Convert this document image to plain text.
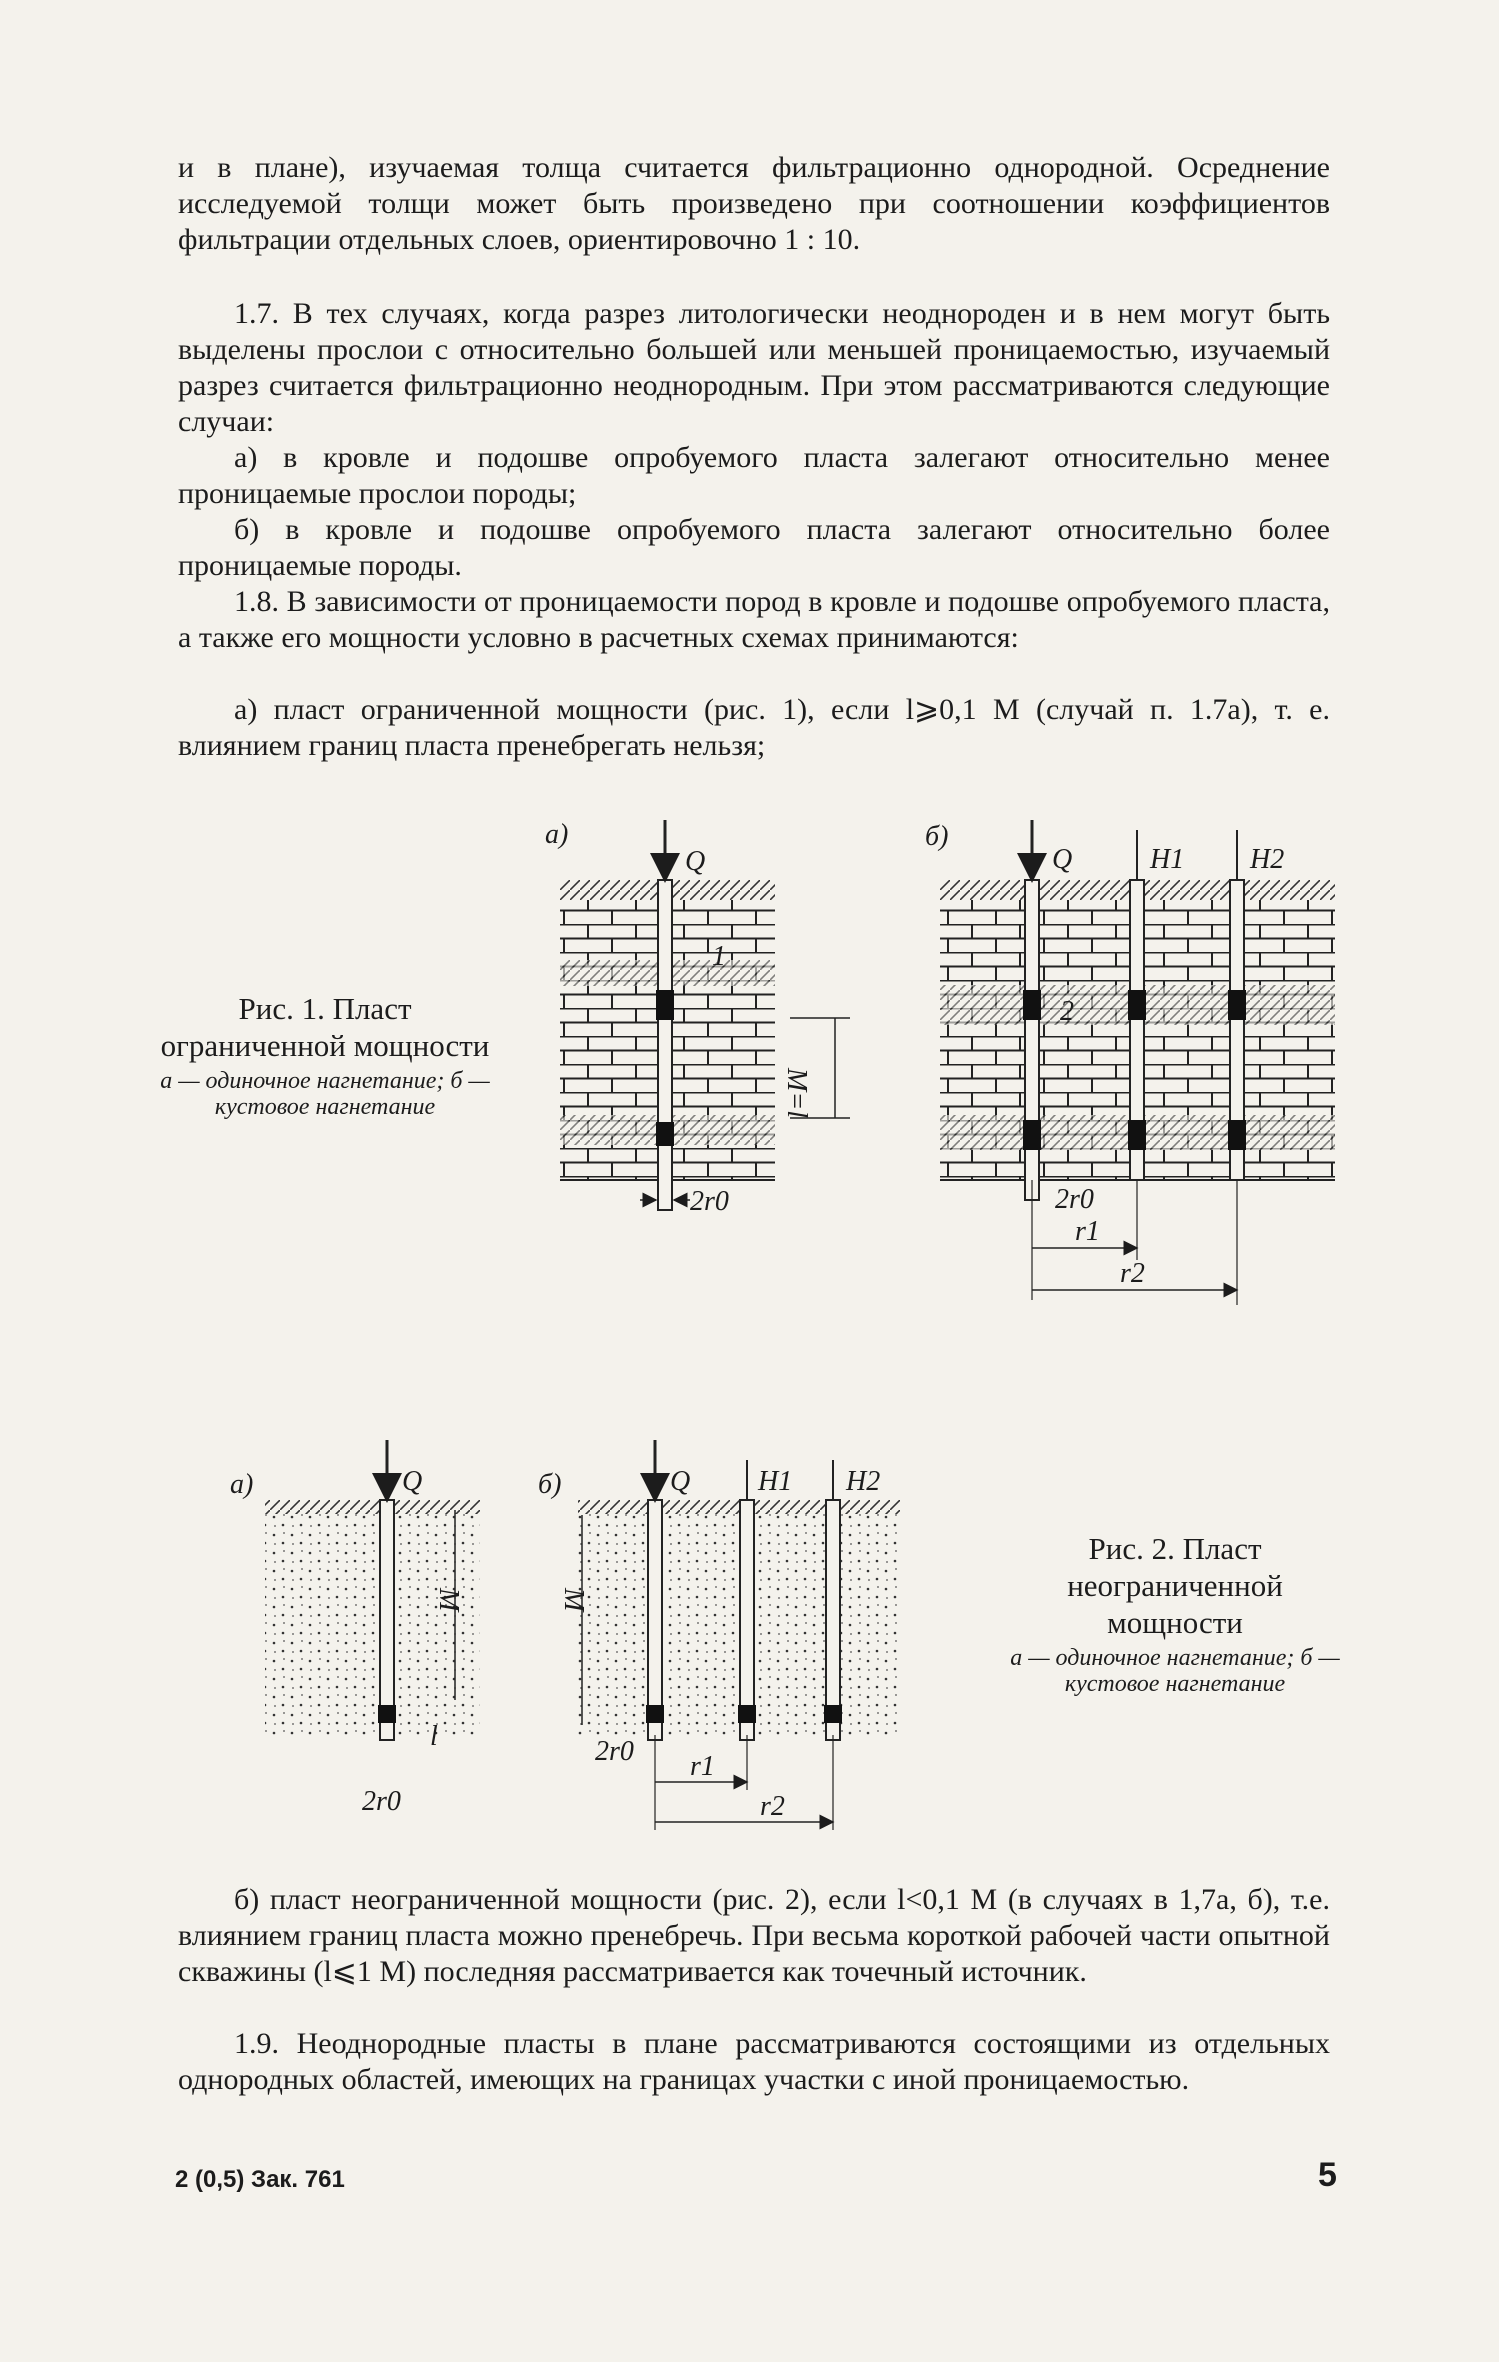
и в плане), изучаемая толща считается фильтрационно однородной. Осреднение исследуемой толщи может быть произведено при соотношении коэффициентов фильтрации отдельных слоев, ориентировочно 1 : 10.

1.7. В тех случаях, когда разрез литологически неоднороден и в нем могут быть выделены прослои с относительно большей или меньшей проницаемостью, изучаемый разрез считается фильтрационно неоднородным. При этом рассматриваются следующие случаи:

а) в кровле и подошве опробуемого пласта залегают относительно менее проницаемые прослои породы;

б) в кровле и подошве опробуемого пласта залегают относительно более проницаемые породы.

1.8. В зависимости от проницаемости пород в кровле и подошве опробуемого пласта, а также его мощности условно в расчетных схемах принимаются:

а) пласт ограниченной мощности (рис. 1), если l⩾0,1 M (случай п. 1.7а), т. е. влиянием границ пласта пренебрегать нельзя;

Рис. 1. Пласт ограниченной мощности

а — одиночное нагнетание; б — кустовое нагнетание

Рис. 2. Пласт неограниченной мощности

а — одиночное нагнетание; б — кустовое нагнетание

а)
Q
1
M=l
2r0
б)
Q	H1 H2
2
2r0
r1
r2
а)	Q
M
l
2r0
б)	Q H1 H2
M
2r0 r1
r2

б) пласт неограниченной мощности (рис. 2), если l<0,1 M (в случаях в 1,7а, б), т.е. влиянием границ пласта можно пренебречь. При весьма короткой рабочей части опытной скважины (l⩽1 M) последняя рассматривается как точечный источник.

1.9. Неоднородные пласты в плане рассматриваются состоящими из отдельных однородных областей, имеющих на границах участки с иной проницаемостью.

2 (0,5) Зак. 761	5
